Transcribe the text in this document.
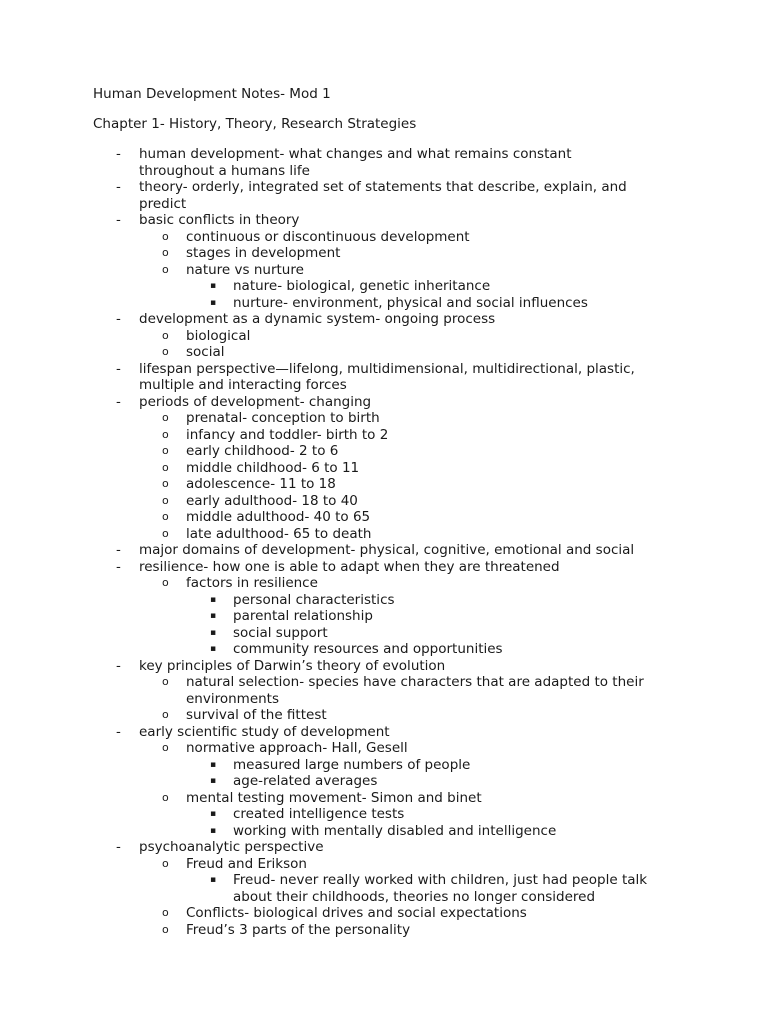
Human Development Notes- Mod 1
Chapter 1- History, Theory, Research Strategies
-	human development- what changes and what remains constant
throughout a humans life
-	theory- orderly, integrated set of statements that describe, explain, and
predict
-	basic conflicts in theory
o	continuous or discontinuous development
o	stages in development
o	nature vs nurture
▪	nature- biological, genetic inheritance
▪	nurture- environment, physical and social influences
-	development as a dynamic system- ongoing process
o	biological
o	social
-	lifespan perspective—lifelong, multidimensional, multidirectional, plastic,
multiple and interacting forces
-	periods of development- changing
o	prenatal- conception to birth
o	infancy and toddler- birth to 2
o	early childhood- 2 to 6
o	middle childhood- 6 to 11
o	adolescence- 11 to 18
o	early adulthood- 18 to 40
o	middle adulthood- 40 to 65
o	late adulthood- 65 to death
-	major domains of development- physical, cognitive, emotional and social
-	resilience- how one is able to adapt when they are threatened
o	factors in resilience
▪	personal characteristics
▪	parental relationship
▪	social support
▪	community resources and opportunities
-	key principles of Darwin’s theory of evolution
o	natural selection- species have characters that are adapted to their
environments
o	survival of the fittest
-	early scientific study of development
o	normative approach- Hall, Gesell
▪	measured large numbers of people
▪	age-related averages
o	mental testing movement- Simon and binet
▪	created intelligence tests
▪	working with mentally disabled and intelligence
-	psychoanalytic perspective
o	Freud and Erikson
▪	Freud- never really worked with children, just had people talk
about their childhoods, theories no longer considered
o	Conflicts- biological drives and social expectations
o	Freud’s 3 parts of the personality
